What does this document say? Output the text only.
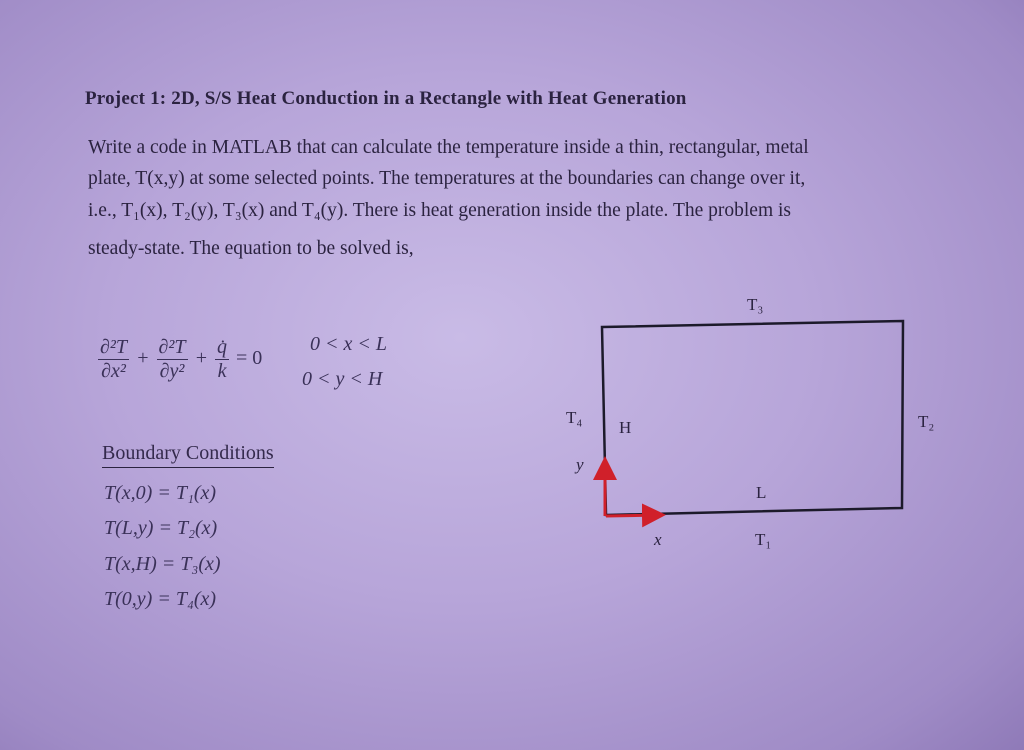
Project 1: 2D, S/S Heat Conduction in a Rectangle with Heat Generation
Write a code in MATLAB that can calculate the temperature inside a thin, rectangular, metal
plate, T(x,y) at some selected points. The temperatures at the boundaries can change over it,
i.e., T₁(x), T₂(y), T₃(x) and T₄(y). There is heat generation inside the plate. The problem is
steady-state. The equation to be solved is,
$\frac{\text{∂²T}}{\text{∂x²}} + \frac{\text{∂²T}}{\text{∂y²}} + \frac{q̇}{k} = 0$
0 < x < L
0 < y < H
Boundary Conditions
T(x,0) = T₁(x)
T(L,y) = T₂(x)
T(x,H) = T₃(x)
T(0,y) = T₄(x)
T₃
T₂
T₁
T₄
H
L
x
y
